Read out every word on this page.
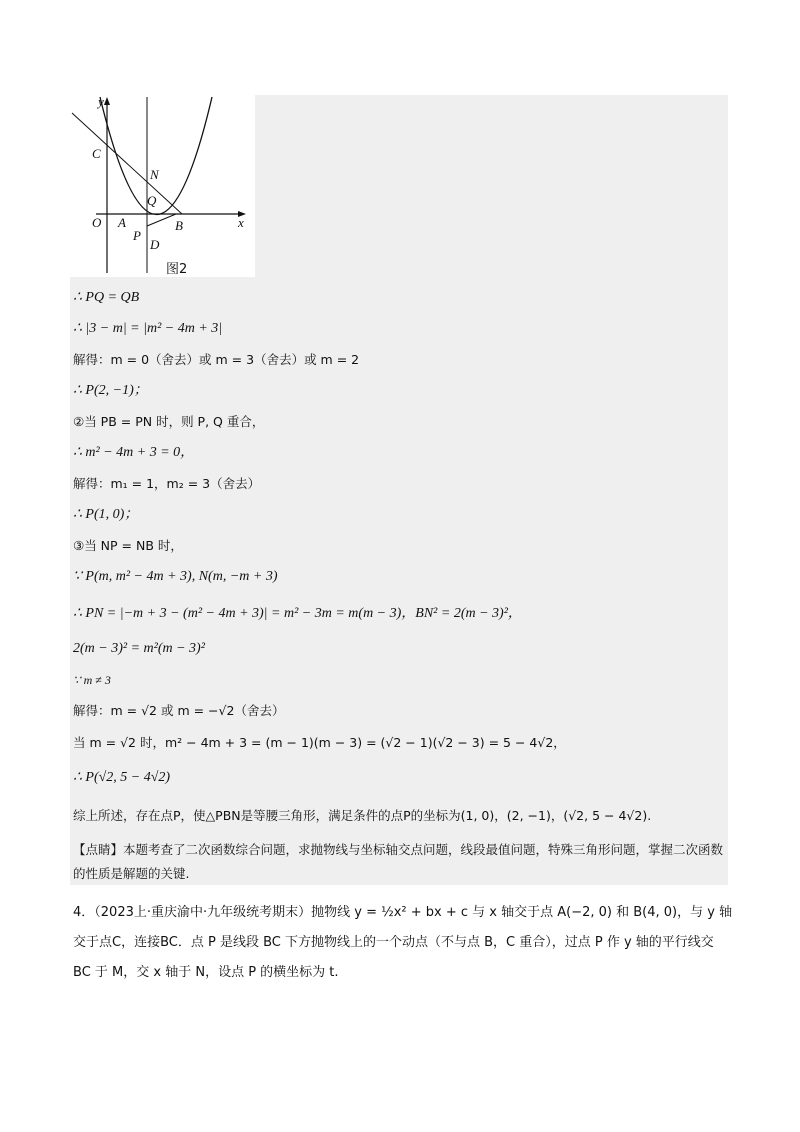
y
C
N
Q
O A	B	x
P
D
图2
∴ PQ = QB
∴ |3 − m| = |m² − 4m + 3|
解得：m = 0（舍去）或 m = 3（舍去）或 m = 2
∴ P(2, −1)；
②当 PB = PN 时，则 P, Q 重合，
∴ m² − 4m + 3 = 0，
解得：m₁ = 1，m₂ = 3（舍去）
∴ P(1, 0)；
③当 NP = NB 时，
∵ P(m, m² − 4m + 3), N(m, −m + 3)
∴ PN = |−m + 3 − (m² − 4m + 3)| = m² − 3m = m(m − 3)，BN² = 2(m − 3)²，
2(m − 3)² = m²(m − 3)²
∵ m ≠ 3
解得：m = √2 或 m = −√2（舍去）
当 m = √2 时，m² − 4m + 3 = (m − 1)(m − 3) = (√2 − 1)(√2 − 3) = 5 − 4√2，
∴ P(√2, 5 − 4√2)
综上所述，存在点P，使△PBN是等腰三角形，满足条件的点P的坐标为(1, 0)，(2, −1)，(√2, 5 − 4√2).
【点睛】本题考查了二次函数综合问题，求抛物线与坐标轴交点问题，线段最值问题，特殊三角形问题，掌握二次函数的性质是解题的关键.
4．（2023上·重庆渝中·九年级统考期末）抛物线 y = ½x² + bx + c 与 x 轴交于点 A(−2, 0) 和 B(4, 0)，与 y 轴交于点C，连接BC．点 P 是线段 BC 下方抛物线上的一个动点（不与点 B，C 重合），过点 P 作 y 轴的平行线交 BC 于 M，交 x 轴于 N，设点 P 的横坐标为 t.
